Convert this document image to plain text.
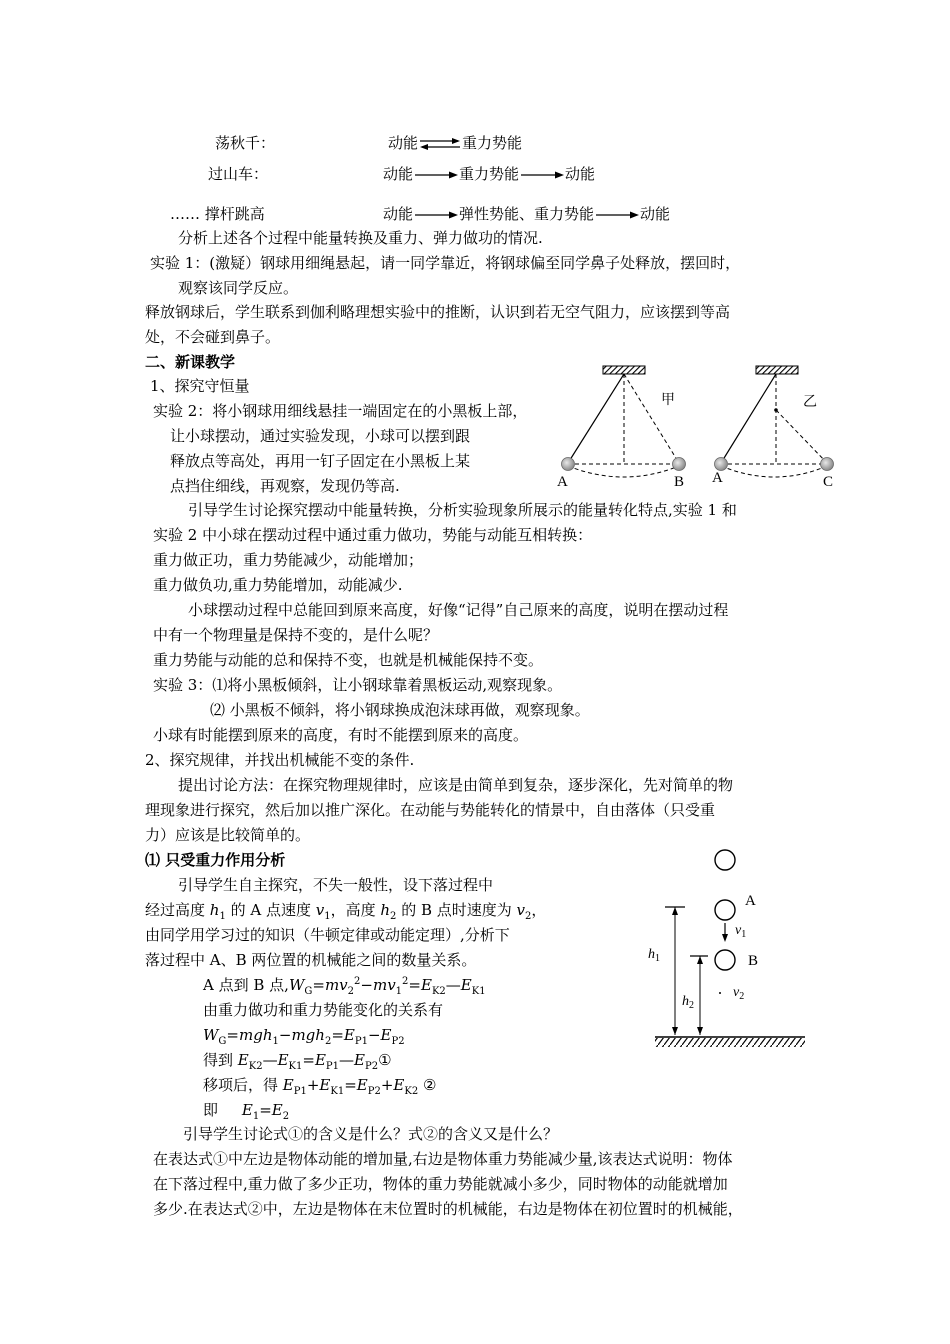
荡秋千：	动能	重力势能
过山车：	动能	重力势能	动能
…… 撑杆跳高	动能	弹性势能、重力势能	动能
分析上述各个过程中能量转换及重力、弹力做功的情况.
实验 1：(激疑）钢球用细绳悬起，请一同学靠近，将钢球偏至同学鼻子处释放，摆回时，
观察该同学反应。
释放钢球后，学生联系到伽利略理想实验中的推断，认识到若无空气阻力，应该摆到等高
处，不会碰到鼻子。
二、新课教学
1、探究守恒量
实验 2：将小钢球用细线悬挂一端固定在的小黑板上部，
让小球摆动，通过实验发现，小球可以摆到跟
释放点等高处，再用一钉子固定在小黑板上某
点挡住细线，再观察，发现仍等高.
甲
A	B
乙
A	C
引导学生讨论探究摆动中能量转换，分析实验现象所展示的能量转化特点,实验 1 和
实验 2 中小球在摆动过程中通过重力做功，势能与动能互相转换：
重力做正功，重力势能减少，动能增加；
重力做负功,重力势能增加，动能减少.
小球摆动过程中总能回到原来高度，好像“记得”自己原来的高度，说明在摆动过程
中有一个物理量是保持不变的，是什么呢？
重力势能与动能的总和保持不变，也就是机械能保持不变。
实验 3：⑴将小黑板倾斜，让小钢球靠着黑板运动,观察现象。
⑵ 小黑板不倾斜，将小钢球换成泡沫球再做，观察现象。
小球有时能摆到原来的高度，有时不能摆到原来的高度。
2、探究规律，并找出机械能不变的条件.
提出讨论方法：在探究物理规律时，应该是由简单到复杂，逐步深化，先对简单的物
理现象进行探究，然后加以推广深化。在动能与势能转化的情景中，自由落体（只受重
力）应该是比较简单的。
⑴ 只受重力作用分析
引导学生自主探究，不失一般性，设下落过程中
经过高度 $h_1$ 的 A 点速度 $v_1$，高度 $h_2$ 的 B 点时速度为 $v_2$，
由同学用学习过的知识（牛顿定律或动能定理）,分析下
落过程中 A、B 两位置的机械能之间的数量关系。
A 点到 B 点$,W_G=mv_2^2-mv_1^2=E_{K2}—E_{K1}$
由重力做功和重力势能变化的关系有
$W_G=mgh_1-mgh_2=E_{P1}-E_{P2}$
得到 $E_{K2}—E_{K1}=E_{P1}—E_{P2}①$
移项后，得 $E_{P1}+E_{K1}=E_{P2}+E_{K2}$ ②
即 $E_1=E_2$
A
B
$v_1$
$v_2$
$h_1$
$h_2$
引导学生讨论式①的含义是什么？式②的含义又是什么？
在表达式①中左边是物体动能的增加量,右边是物体重力势能减少量,该表达式说明：物体
在下落过程中,重力做了多少正功，物体的重力势能就减小多少，同时物体的动能就增加
多少.在表达式②中，左边是物体在末位置时的机械能，右边是物体在初位置时的机械能，
